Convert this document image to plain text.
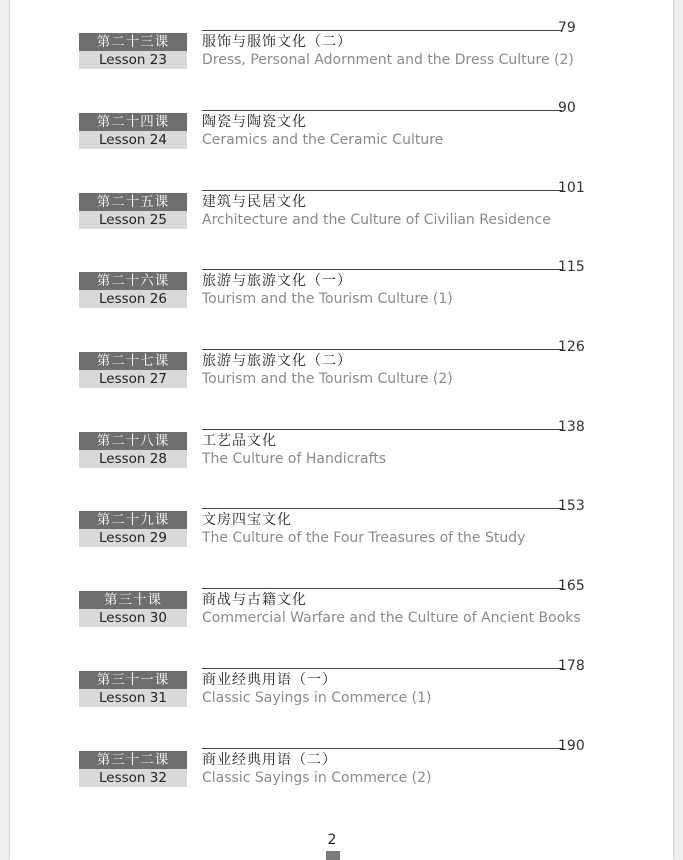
79
第二十三课
Lesson 23
服饰与服饰文化（二）
Dress, Personal Adornment and the Dress Culture (2)
90
第二十四课
Lesson 24
陶瓷与陶瓷文化
Ceramics and the Ceramic Culture
101
第二十五课
Lesson 25
建筑与民居文化
Architecture and the Culture of Civilian Residence
115
第二十六课
Lesson 26
旅游与旅游文化（一）
Tourism and the Tourism Culture (1)
126
第二十七课
Lesson 27
旅游与旅游文化（二）
Tourism and the Tourism Culture (2)
138
第二十八课
Lesson 28
工艺品文化
The Culture of Handicrafts
153
第二十九课
Lesson 29
文房四宝文化
The Culture of the Four Treasures of the Study
165
第三十课
Lesson 30
商战与古籍文化
Commercial Warfare and the Culture of Ancient Books
178
第三十一课
Lesson 31
商业经典用语（一）
Classic Sayings in Commerce (1)
190
第三十二课
Lesson 32
商业经典用语（二）
Classic Sayings in Commerce (2)
2
